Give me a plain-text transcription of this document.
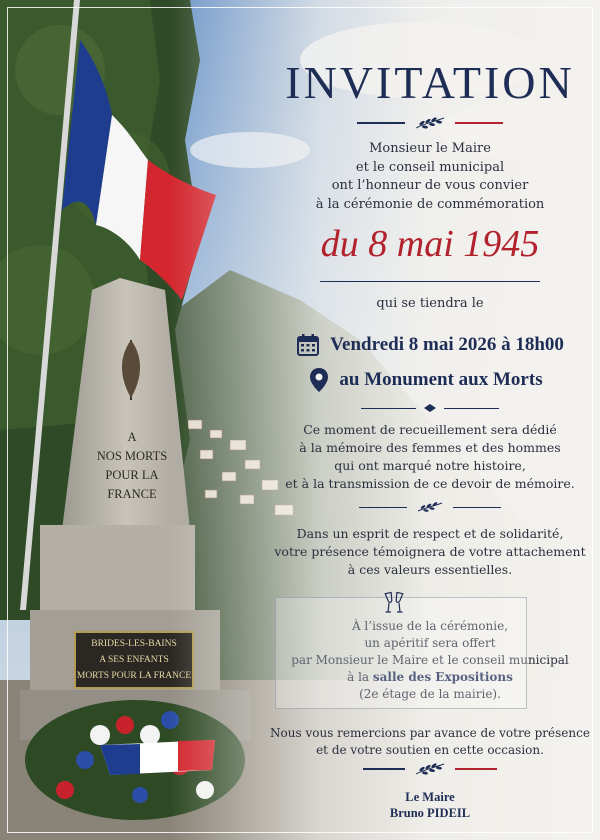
A
NOS MORTS
POUR LA FRANCE
BRIDES-LES-BAINS
A SES ENFANTS
MORTS POUR LA FRANCE
INVITATION
Monsieur le Maire
et le conseil municipal
ont l’honneur de vous convier
à la cérémonie de commémoration
du 8 mai 1945
qui se tiendra le
Vendredi 8 mai 2026 à 18h00
au Monument aux Morts
Ce moment de recueillement sera dédié
à la mémoire des femmes et des hommes
qui ont marqué notre histoire,
et à la transmission de ce devoir de mémoire.
Dans un esprit de respect et de solidarité,
votre présence témoignera de votre attachement
à ces valeurs essentielles.
À l’issue de la cérémonie,
un apéritif sera offert
par Monsieur le Maire et le conseil municipal
à la salle des Expositions
(2e étage de la mairie).
Nous vous remercions par avance de votre présence
et de votre soutien en cette occasion.
Le Maire
Bruno PIDEIL
